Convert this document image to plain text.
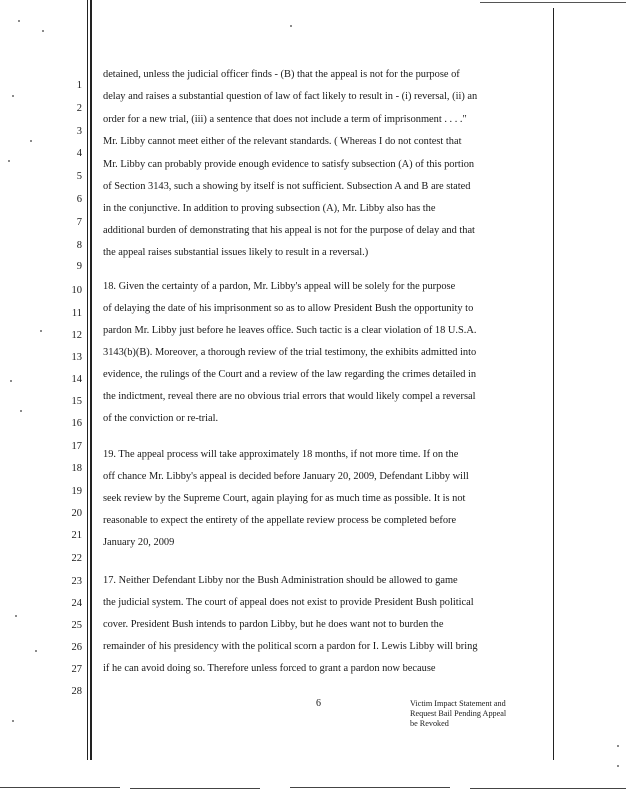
1
2
3
4
5
6
7
8
9
10
11
12
13
14
15
16
17
18
19
20
21
22
23
24
25
26
27
28
detained, unless the judicial officer finds - (B) that the appeal is not for the purpose of
delay and raises a substantial question of law of fact likely to result in - (i) reversal, (ii) an
order for a new trial, (iii) a sentence that does not include a term of imprisonment . . . ."
Mr. Libby cannot meet either of the relevant standards. ( Whereas I do not contest that
Mr. Libby can probably provide enough evidence to satisfy subsection (A) of this portion
of Section 3143, such a showing by itself is not sufficient. Subsection A and B are stated
in the conjunctive. In addition to proving subsection (A), Mr. Libby also has the
additional burden of demonstrating that his appeal is not for the purpose of delay and that
the appeal raises substantial issues likely to result in a reversal.)
18. Given the certainty of a pardon, Mr. Libby's appeal will be solely for the purpose
of delaying the date of his imprisonment so as to allow President Bush the opportunity to
pardon Mr. Libby just before he leaves office. Such tactic is a clear violation of 18 U.S.A.
3143(b)(B). Moreover, a thorough review of the trial testimony, the exhibits admitted into
evidence, the rulings of the Court and a review of the law regarding the crimes detailed in
the indictment, reveal there are no obvious trial errors that would likely compel a reversal
of the conviction or re-trial.
19. The appeal process will take approximately 18 months, if not more time. If on the
off chance Mr. Libby's appeal is decided before January 20, 2009, Defendant Libby will
seek review by the Supreme Court, again playing for as much time as possible. It is not
reasonable to expect the entirety of the appellate review process be completed before
January 20, 2009
17. Neither Defendant Libby nor the Bush Administration should be allowed to game
the judicial system. The court of appeal does not exist to provide President Bush political
cover. President Bush intends to pardon Libby, but he does want not to burden the
remainder of his presidency with the political scorn a pardon for I. Lewis Libby will bring
if he can avoid doing so. Therefore unless forced to grant a pardon now because
6	Victim Impact Statement and
Request Bail Pending Appeal
be Revoked
